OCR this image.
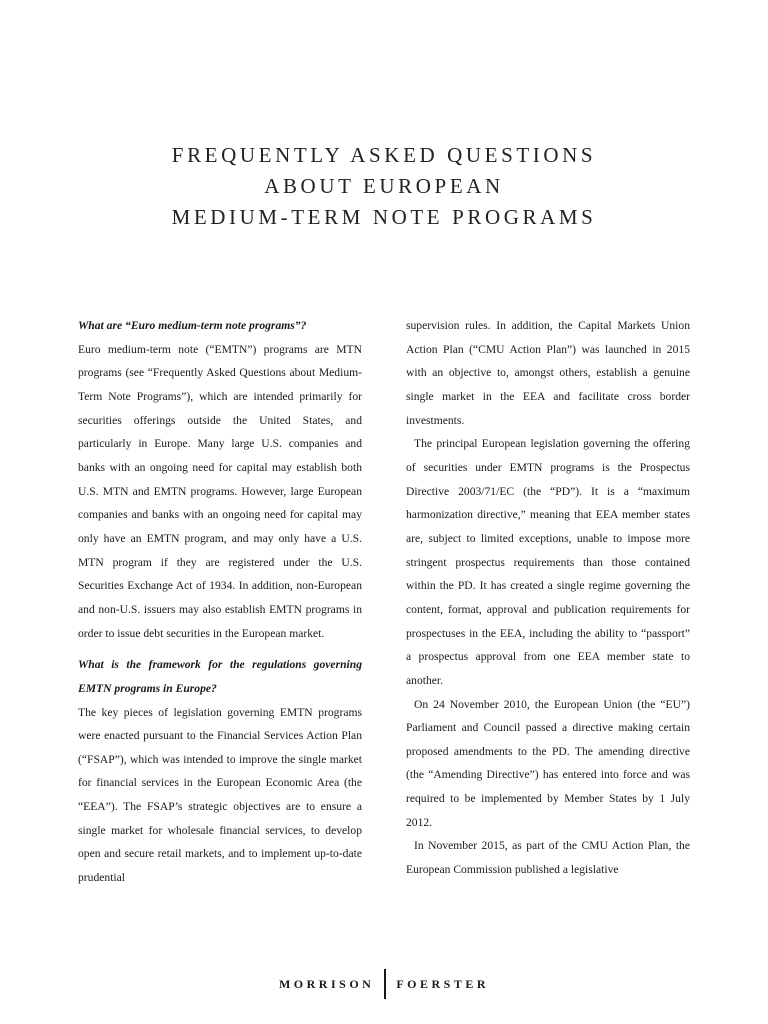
FREQUENTLY ASKED QUESTIONS
ABOUT EUROPEAN
MEDIUM-TERM NOTE PROGRAMS
What are “Euro medium-term note programs”?

Euro medium-term note (“EMTN”) programs are MTN programs (see “Frequently Asked Questions about Medium-Term Note Programs”), which are intended primarily for securities offerings outside the United States, and particularly in Europe. Many large U.S. companies and banks with an ongoing need for capital may establish both U.S. MTN and EMTN programs. However, large European companies and banks with an ongoing need for capital may only have an EMTN program, and may only have a U.S. MTN program if they are registered under the U.S. Securities Exchange Act of 1934. In addition, non-European and non-U.S. issuers may also establish EMTN programs in order to issue debt securities in the European market.

What is the framework for the regulations governing EMTN programs in Europe?

The key pieces of legislation governing EMTN programs were enacted pursuant to the Financial Services Action Plan (“FSAP”), which was intended to improve the single market for financial services in the European Economic Area (the “EEA”). The FSAP’s strategic objectives are to ensure a single market for wholesale financial services, to develop open and secure retail markets, and to implement up-to-date prudential

supervision rules. In addition, the Capital Markets Union Action Plan (“CMU Action Plan”) was launched in 2015 with an objective to, amongst others, establish a genuine single market in the EEA and facilitate cross border investments.

The principal European legislation governing the offering of securities under EMTN programs is the Prospectus Directive 2003/71/EC (the “PD”). It is a “maximum harmonization directive,” meaning that EEA member states are, subject to limited exceptions, unable to impose more stringent prospectus requirements than those contained within the PD. It has created a single regime governing the content, format, approval and publication requirements for prospectuses in the EEA, including the ability to “passport” a prospectus approval from one EEA member state to another.

On 24 November 2010, the European Union (the “EU”) Parliament and Council passed a directive making certain proposed amendments to the PD. The amending directive (the “Amending Directive”) has entered into force and was required to be implemented by Member States by 1 July 2012.

In November 2015, as part of the CMU Action Plan, the European Commission published a legislative

MORRISON FOERSTER
